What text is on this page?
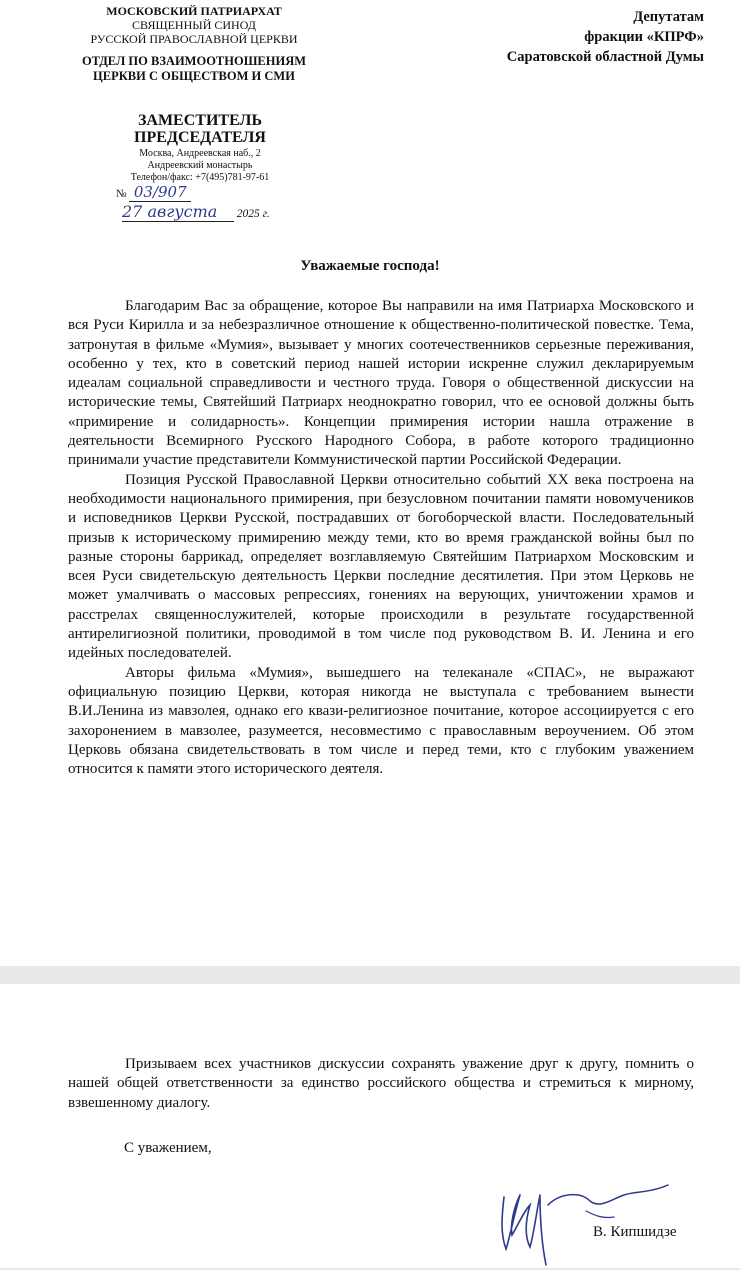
МОСКОВСКИЙ ПАТРИАРХАТ
СВЯЩЕННЫЙ СИНОД
РУССКОЙ ПРАВОСЛАВНОЙ ЦЕРКВИ
ОТДЕЛ ПО ВЗАИМООТНОШЕНИЯМ
ЦЕРКВИ С ОБЩЕСТВОМ И СМИ
ЗАМЕСТИТЕЛЬ
ПРЕДСЕДАТЕЛЯ
Москва, Андреевская наб., 2
Андреевский монастырь
Телефон/факс: +7(495)781-97-61
№ 03/907
27 августа 2025 г.
Депутатам
фракции «КПРФ»
Саратовской областной Думы
Уважаемые господа!

Благодарим Вас за обращение, которое Вы направили на имя Патриарха Московского и вся Руси Кирилла и за небезразличное отношение к общественно-политической повестке. Тема, затронутая в фильме «Мумия», вызывает у многих соотечественников серьезные переживания, особенно у тех, кто в советский период нашей истории искренне служил декларируемым идеалам социальной справедливости и честного труда. Говоря о общественной дискуссии на исторические темы, Святейший Патриарх неоднократно говорил, что ее основой должны быть «примирение и солидарность». Концепции примирения истории нашла отражение в деятельности Всемирного Русского Народного Собора, в работе которого традиционно принимали участие представители Коммунистической партии Российской Федерации.

Позиция Русской Православной Церкви относительно событий XX века построена на необходимости национального примирения, при безусловном почитании памяти новомучеников и исповедников Церкви Русской, пострадавших от богоборческой власти. Последовательный призыв к историческому примирению между теми, кто во время гражданской войны был по разные стороны баррикад, определяет возглавляемую Святейшим Патриархом Московским и всея Руси свидетельскую деятельность Церкви последние десятилетия. При этом Церковь не может умалчивать о массовых репрессиях, гонениях на верующих, уничтожении храмов и расстрелах священнослужителей, которые происходили в результате государственной антирелигиозной политики, проводимой в том числе под руководством В. И. Ленина и его идейных последователей.

Авторы фильма «Мумия», вышедшего на телеканале «СПАС», не выражают официальную позицию Церкви, которая никогда не выступала с требованием вынести В.И.Ленина из мавзолея, однако его квази-религиозное почитание, которое ассоциируется с его захоронением в мавзолее, разумеется, несовместимо с православным вероучением. Об этом Церковь обязана свидетельствовать в том числе и перед теми, кто с глубоким уважением относится к памяти этого исторического деятеля.

Призываем всех участников дискуссии сохранять уважение друг к другу, помнить о нашей общей ответственности за единство российского общества и стремиться к мирному, взвешенному диалогу.

С уважением,
В. Кипшидзе
